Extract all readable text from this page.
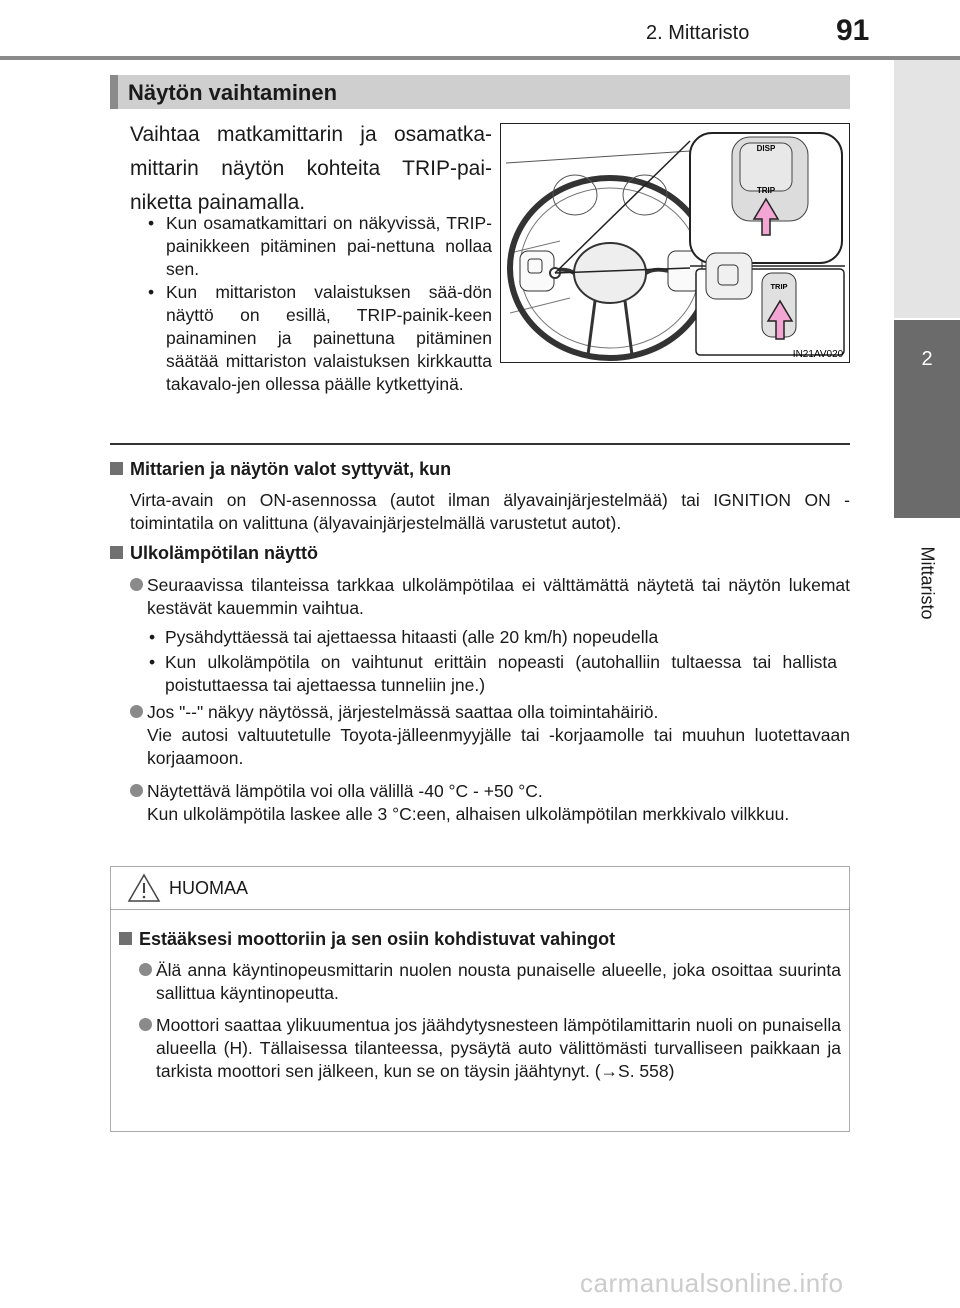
2. Mittaristo	91
2
Mittaristo
Näytön vaihtaminen
Vaihtaa matkamittarin ja osamatka-mittarin näytön kohteita TRIP-pai-niketta painamalla.
• Kun osamatkamittari on näkyvissä, TRIP-painikkeen pitäminen pai-nettuna nollaa sen.
• Kun mittariston valaistuksen sää-dön näyttö on esillä, TRIP-painik-keen painaminen ja painettuna pitäminen säätää mittariston valaistuksen kirkkautta takavalo-jen ollessa päälle kytkettyinä.
DISP
TRIP
TRIP
IN21AV020
Mittarien ja näytön valot syttyvät, kun
Virta-avain on ON-asennossa (autot ilman älyavainjärjestelmää) tai IGNITION ON -toimintatila on valittuna (älyavainjärjestelmällä varustetut autot).
Ulkolämpötilan näyttö
Seuraavissa tilanteissa tarkkaa ulkolämpötilaa ei välttämättä näytetä tai näytön lukemat kestävät kauemmin vaihtua.
• Pysähdyttäessä tai ajettaessa hitaasti (alle 20 km/h) nopeudella
• Kun ulkolämpötila on vaihtunut erittäin nopeasti (autohalliin tultaessa tai hallista poistuttaessa tai ajettaessa tunneliin jne.)
Jos "--" näkyy näytössä, järjestelmässä saattaa olla toimintahäiriö.
Vie autosi valtuutetulle Toyota-jälleenmyyjälle tai -korjaamolle tai muuhun luotettavaan korjaamoon.
Näytettävä lämpötila voi olla välillä -40 °C - +50 °C.
Kun ulkolämpötila laskee alle 3 °C:een, alhaisen ulkolämpötilan merkkivalo vilkkuu.
HUOMAA
Estääksesi moottoriin ja sen osiin kohdistuvat vahingot
Älä anna käyntinopeusmittarin nuolen nousta punaiselle alueelle, joka osoittaa suurinta sallittua käyntinopeutta.
Moottori saattaa ylikuumentua jos jäähdytysnesteen lämpötilamittarin nuoli on punaisella alueella (H). Tällaisessa tilanteessa, pysäytä auto välittömästi turvalliseen paikkaan ja tarkista moottori sen jälkeen, kun se on täysin jäähtynyt. (→S. 558)
carmanualsonline.info
